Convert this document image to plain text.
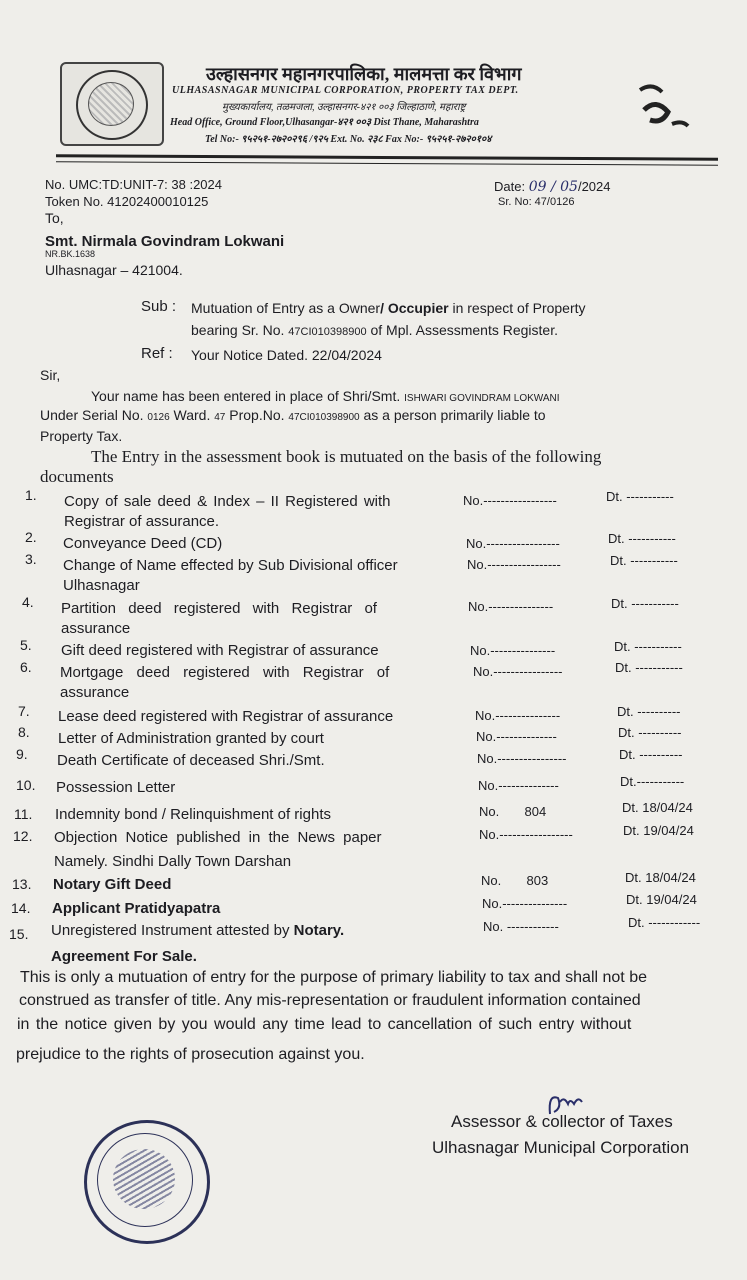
उल्हासनगर महानगरपालिका, मालमत्ता कर विभाग
ULHASASNAGAR MUNICIPAL CORPORATION, PROPERTY TAX DEPT.
मुख्यकार्यालय, तळमजला, उल्हासनगर-४२१ ००३ जिल्हाठाणे, महाराष्ट्र
Head Office, Ground Floor,Ulhasangar-४२१ ००३ Dist Thane, Maharashtra
Tel No:- ९५२५१-२७२०२९६ /९२५ Ext. No. २३८ Fax No:- ९५२५१-२७२०१०४
No. UMC:TD:UNIT-7: 38 :2024
Token No. 41202400010125
Date: 09 / 05/2024
Sr. No: 47/0126
To,
Smt. Nirmala Govindram Lokwani
NR.BK.1638
Ulhasnagar – 421004.
Sub : Mutuation of Entry as a Owner/ Occupier in respect of Property
bearing Sr. No. 47CI010398900 of Mpl. Assessments Register.
Ref : Your Notice Dated. 22/04/2024
Sir,
Your name has been entered in place of Shri/Smt. ISHWARI GOVINDRAM LOKWANI
Under Serial No. 0126 Ward. 47 Prop.No. 47CI010398900 as a person primarily liable to
Property Tax.
The Entry in the assessment book is mutuated on the basis of the following
documents
1. Copy of sale deed & Index – II Registered with
Registrar of assurance.
No.-----------------	Dt. -----------
2. Conveyance Deed (CD)	No.-----------------	Dt. -----------
3. Change of Name effected by Sub Divisional officer
Ulhasnagar
No.-----------------	Dt. -----------
4. Partition deed registered with Registrar of
assurance
No.---------------	Dt. -----------
5. Gift deed registered with Registrar of assurance	No.---------------	Dt. -----------
6. Mortgage deed registered with Registrar of
assurance
No.----------------	Dt. -----------
7. Lease deed registered with Registrar of assurance	No.---------------	Dt. ----------
8. Letter of Administration granted by court	No.--------------	Dt. ----------
9. Death Certificate of deceased Shri./Smt.	No.----------------	Dt. ----------
10. Possession Letter	No.--------------	Dt.-----------
11. Indemnity bond / Relinquishment of rights	No.       804	Dt. 18/04/24
12. Objection Notice published in the News paper
Namely. Sindhi Dally Town Darshan
No.-----------------	Dt. 19/04/24
13. Notary Gift Deed	No.       803	Dt. 18/04/24
14. Applicant Pratidyapatra	No.---------------	Dt. 19/04/24
15. Unregistered Instrument attested by Notary.
Agreement For Sale.
No. ------------	Dt. ------------
This is only a mutuation of entry for the purpose of primary liability to tax and shall not be
construed as transfer of title. Any mis-representation or fraudulent information contained
in the notice given by you would any time lead to cancellation of such entry without
prejudice to the rights of prosecution against you.
Assessor & collector of Taxes
Ulhasnagar Municipal Corporation
